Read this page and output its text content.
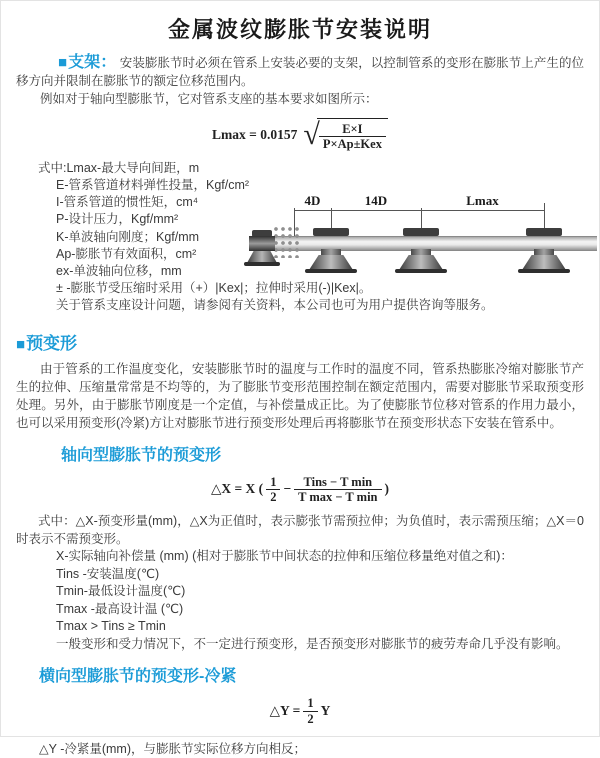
金属波纹膨胀节安装说明

■支架： 安装膨胀节时必须在管系上安装必要的支架，以控制管系的变形在膨胀节上产生的位移方向并限制在膨胀节的额定位移范围内。

例如对于轴向型膨胀节，它对管系支座的基本要求如图所示：

Lmax = 0.0157 √ $\frac{E\times I}{\text{P×Ap±Kex}}$
式中:Lmax-最大导向间距，m
E-管系管道材料弹性投量，Kgf/cm²
I-管系管道的惯性矩，cm⁴
P-设计压力，Kgf/mm²
K-单波轴向刚度；Kgf/mm
Ap-膨胀节有效面积，cm²
ex-单波轴向位移，mm
± -膨胀节受压缩时采用（+）|Kex|；拉伸时采用(-)|Kex|。
关于管系支座设计问题，请参阅有关资料，本公司也可为用户提供咨询等服务。
4D	14D	Lmax
■预变形

由于管系的工作温度变化，安装膨胀节时的温度与工作时的温度不同，管系热膨胀冷缩对膨胀节产生的拉伸、压缩量常常是不均等的，为了膨胀节变形范围控制在额定范围内，需要对膨胀节采取预变形处理。另外，由于膨胀节刚度是一个定值，与补偿量成正比。为了使膨胀节位移对管系的作用力最小，也可以采用预变形(冷紧)方让对膨胀节进行预变形处理后再将膨胀节在预变形状态下安装在管系中。

轴向型膨胀节的预变形
△X = X ( $\frac{1}{2} - \frac{\text{Tins − T min}}{\text{T max − T min}}$ )

式中：△X-预变形量(mm)，△X为正值时，表示膨张节需预拉伸；为负值时，表示需预压缩；△X＝0时表示不需预变形。

X-实际轴向补偿量 (mm) (相对于膨胀节中间状态的拉伸和压缩位移量绝对值之和)：
Tins -安装温度(℃)
Tmin-最低设计温度(℃)
Tmax -最高设计温 (℃)
Tmax > Tins ≥ Tmin
一般变形和受力情况下，不一定进行预变形，是否预变形对膨胀节的疲劳寿命几乎没有影响。
横向型膨胀节的预变形-冷紧
△Y = $\frac{1}{2}$ Y
△Y -冷紧量(mm)，与膨胀节实际位移方向相反；
